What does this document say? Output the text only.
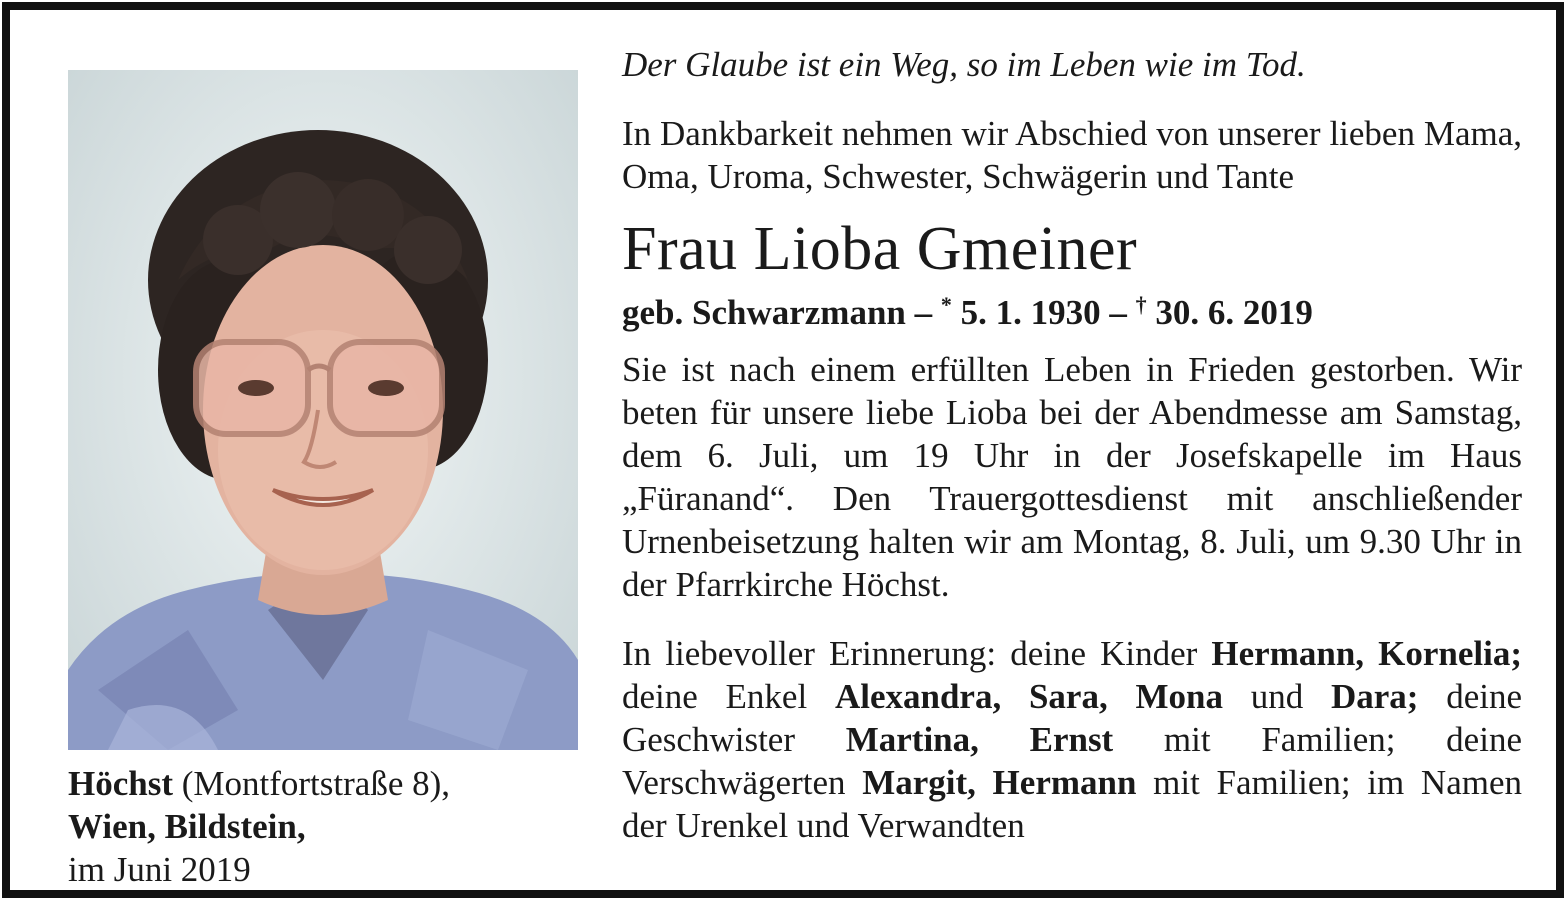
Höchst (Montfortstraße 8),
Wien, Bildstein,
im Juni 2019

Der Glaube ist ein Weg, so im Leben wie im Tod.

In Dankbarkeit nehmen wir Abschied von unserer lieben Mama, Oma, Uroma, Schwester, Schwägerin und Tante

Frau Lioba Gmeiner

geb. Schwarzmann – * 5. 1. 1930 – † 30. 6. 2019

Sie ist nach einem erfüllten Leben in Frieden gestorben. Wir beten für unsere liebe Lioba bei der Abendmesse am Samstag, dem 6. Juli, um 19 Uhr in der Josefskapelle im Haus „Füranand“. Den Trauergottesdienst mit anschließender Urnenbeisetzung halten wir am Montag, 8. Juli, um 9.30 Uhr in der Pfarrkirche Höchst.

In liebevoller Erinnerung: deine Kinder Hermann, Kornelia; deine Enkel Alexandra, Sara, Mona und Dara; deine Geschwister Martina, Ernst mit Familien; deine Verschwägerten Margit, Hermann mit Familien; im Namen der Urenkel und Verwandten
